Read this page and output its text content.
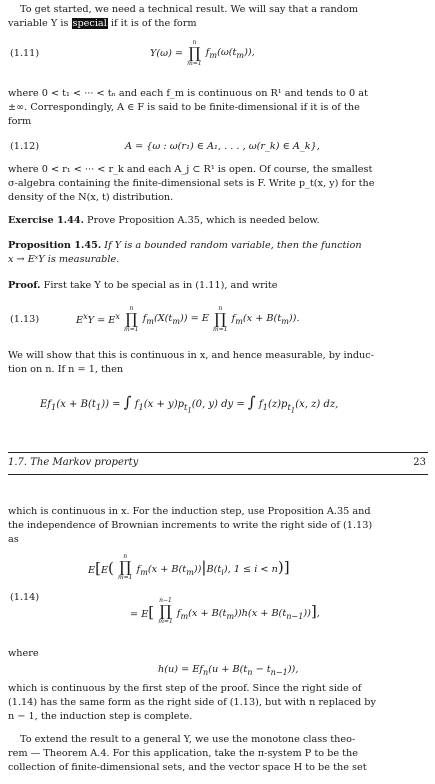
To get started, we need a technical result. We will say that a random
variable Y is special if it is of the form
(1.11)	Y(ω) =
n
∏
m=1
$f_m(\omega(t_m))$,
where 0 < t₁ < ··· < tₙ and each f_m is continuous on R¹ and tends to 0 at
±∞. Correspondingly, A ∈ F is said to be finite-dimensional if it is of the
form
(1.12)	A = {ω : ω(r₁) ∈ A₁, . . . , ω(r_k) ∈ A_k},
where 0 < r₁ < ··· < r_k and each A_j ⊂ R¹ is open. Of course, the smallest
σ-algebra containing the finite-dimensional sets is F. Write p_t(x, y) for the
density of the N(x, t) distribution.
Exercise 1.44. Prove Proposition A.35, which is needed below.
Proposition 1.45. If Y is a bounded random variable, then the function
x → EˣY is measurable.
Proof. First take Y to be special as in (1.11), and write
(1.13)	$E^xY = E^x$
n
∏
m=1
$f_m(X(t_m)) = E$
n
∏
m=1
$f_m(x + B(t_m))$.
We will show that this is continuous in x, and hence measurable, by induc-
tion on n. If n = 1, then
$Ef_1(x + B(t_1))$ = ∫ $f_1(x + y)p_{t_1}(0$, y) dy = ∫ $f_1(z)p_{t_1}(x$, z) dz,
1.7. The Markov property	23
which is continuous in x. For the induction step, use Proposition A.35 and
the independence of Brownian increments to write the right side of (1.13)
as
(1.14)
E[E(
n
∏
m=1
$f_m(x + B(t_m))|B(t_i)$, 1 ≤ i < n)]
= E[
n−1
∏
m=1
$f_m(x + B(t_m))h(x + B(t_{n-1}))$],
where
$h(u) = Ef_n(u + B(t_n - t_{n-1}))$,
which is continuous by the first step of the proof. Since the right side of
(1.14) has the same form as the right side of (1.13), but with n replaced by
n − 1, the induction step is complete.
To extend the result to a general Y, we use the monotone class theo-
rem — Theorem A.4. For this application, take the π-system P to be the
collection of finite-dimensional sets, and the vector space H to be the set
